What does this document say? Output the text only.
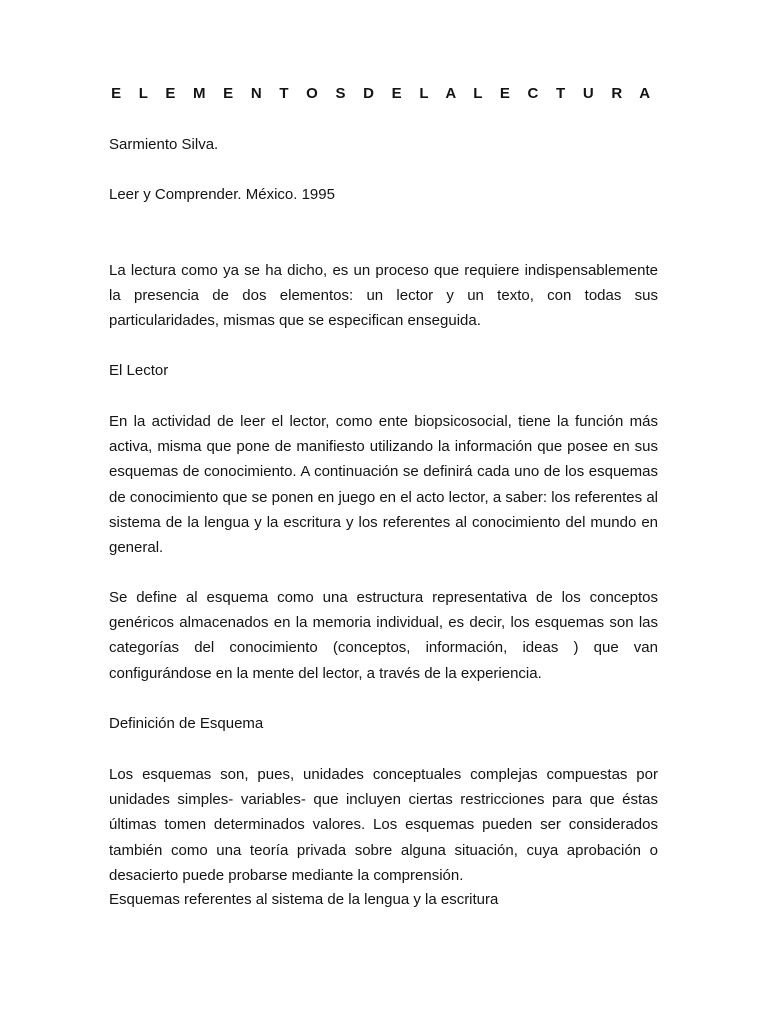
E L E M E N T O S D E L A L E C T U R A

Sarmiento Silva.

Leer y Comprender. México. 1995

La lectura como ya se ha dicho, es un proceso que requiere indispensablemente la presencia de dos elementos: un lector y un texto, con todas sus particularidades, mismas que se especifican enseguida.

El Lector

En la actividad de leer el lector, como ente biopsicosocial, tiene la función más activa, misma que pone de manifiesto utilizando la información que posee en sus esquemas de conocimiento. A continuación se definirá cada uno de los esquemas de conocimiento que se ponen en juego en el acto lector, a saber: los referentes al sistema de la lengua y la escritura y los referentes al conocimiento del mundo en general.

Se define al esquema como una estructura representativa de los conceptos genéricos almacenados en la memoria individual, es decir, los esquemas son las categorías del conocimiento (conceptos, información, ideas ) que van configurándose en la mente del lector, a través de la experiencia.

Definición de Esquema

Los esquemas son, pues, unidades conceptuales complejas compuestas por unidades simples- variables- que incluyen ciertas restricciones para que éstas últimas tomen determinados valores. Los esquemas pueden ser considerados también como una teoría privada sobre alguna situación, cuya aprobación o desacierto puede probarse mediante la comprensión.

Esquemas referentes al sistema de la lengua y la escritura
